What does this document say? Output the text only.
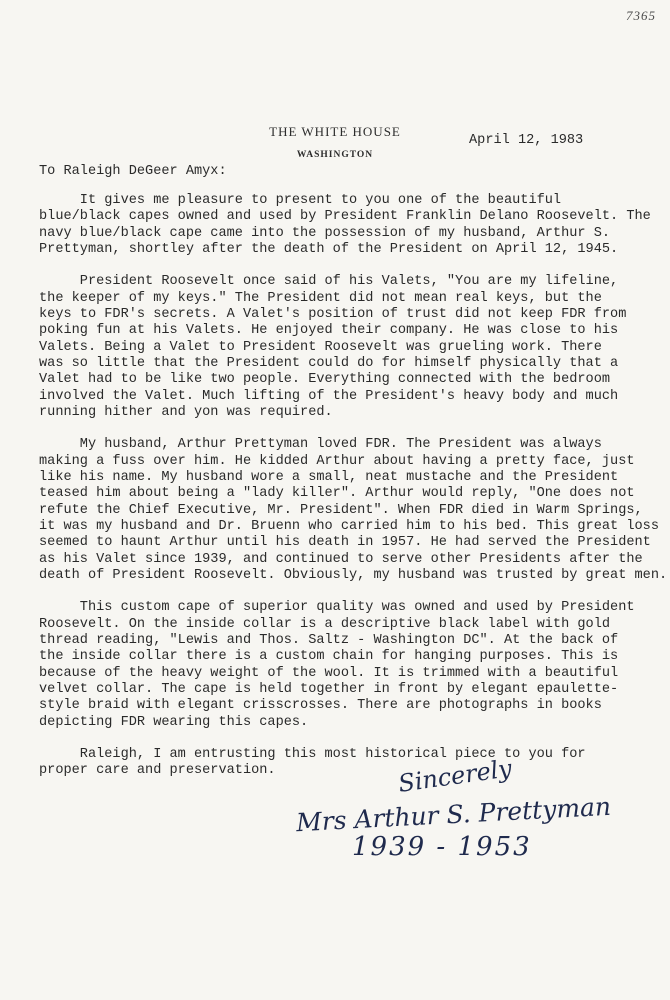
7365
THE WHITE HOUSE
WASHINGTON
April 12, 1983
To Raleigh DeGeer Amyx:
It gives me pleasure to present to you one of the beautiful
blue/black capes owned and used by President Franklin Delano Roosevelt. The
navy blue/black cape came into the possession of my husband, Arthur S.
Prettyman, shortley after the death of the President on April 12, 1945.
President Roosevelt once said of his Valets, "You are my lifeline,
the keeper of my keys." The President did not mean real keys, but the
keys to FDR's secrets. A Valet's position of trust did not keep FDR from
poking fun at his Valets. He enjoyed their company. He was close to his
Valets. Being a Valet to President Roosevelt was grueling work. There
was so little that the President could do for himself physically that a
Valet had to be like two people. Everything connected with the bedroom
involved the Valet. Much lifting of the President's heavy body and much
running hither and yon was required.
My husband, Arthur Prettyman loved FDR. The President was always
making a fuss over him. He kidded Arthur about having a pretty face, just
like his name. My husband wore a small, neat mustache and the President
teased him about being a "lady killer". Arthur would reply, "One does not
refute the Chief Executive, Mr. President". When FDR died in Warm Springs,
it was my husband and Dr. Bruenn who carried him to his bed. This great loss
seemed to haunt Arthur until his death in 1957. He had served the President
as his Valet since 1939, and continued to serve other Presidents after the
death of President Roosevelt. Obviously, my husband was trusted by great men.
This custom cape of superior quality was owned and used by President
Roosevelt. On the inside collar is a descriptive black label with gold
thread reading, "Lewis and Thos. Saltz - Washington DC". At the back of
the inside collar there is a custom chain for hanging purposes. This is
because of the heavy weight of the wool. It is trimmed with a beautiful
velvet collar. The cape is held together in front by elegant epaulette-
style braid with elegant crisscrosses. There are photographs in books
depicting FDR wearing this capes.
Raleigh, I am entrusting this most historical piece to you for
proper care and preservation.	Sincerely
Mrs Arthur S. Prettyman
1939 - 1953
